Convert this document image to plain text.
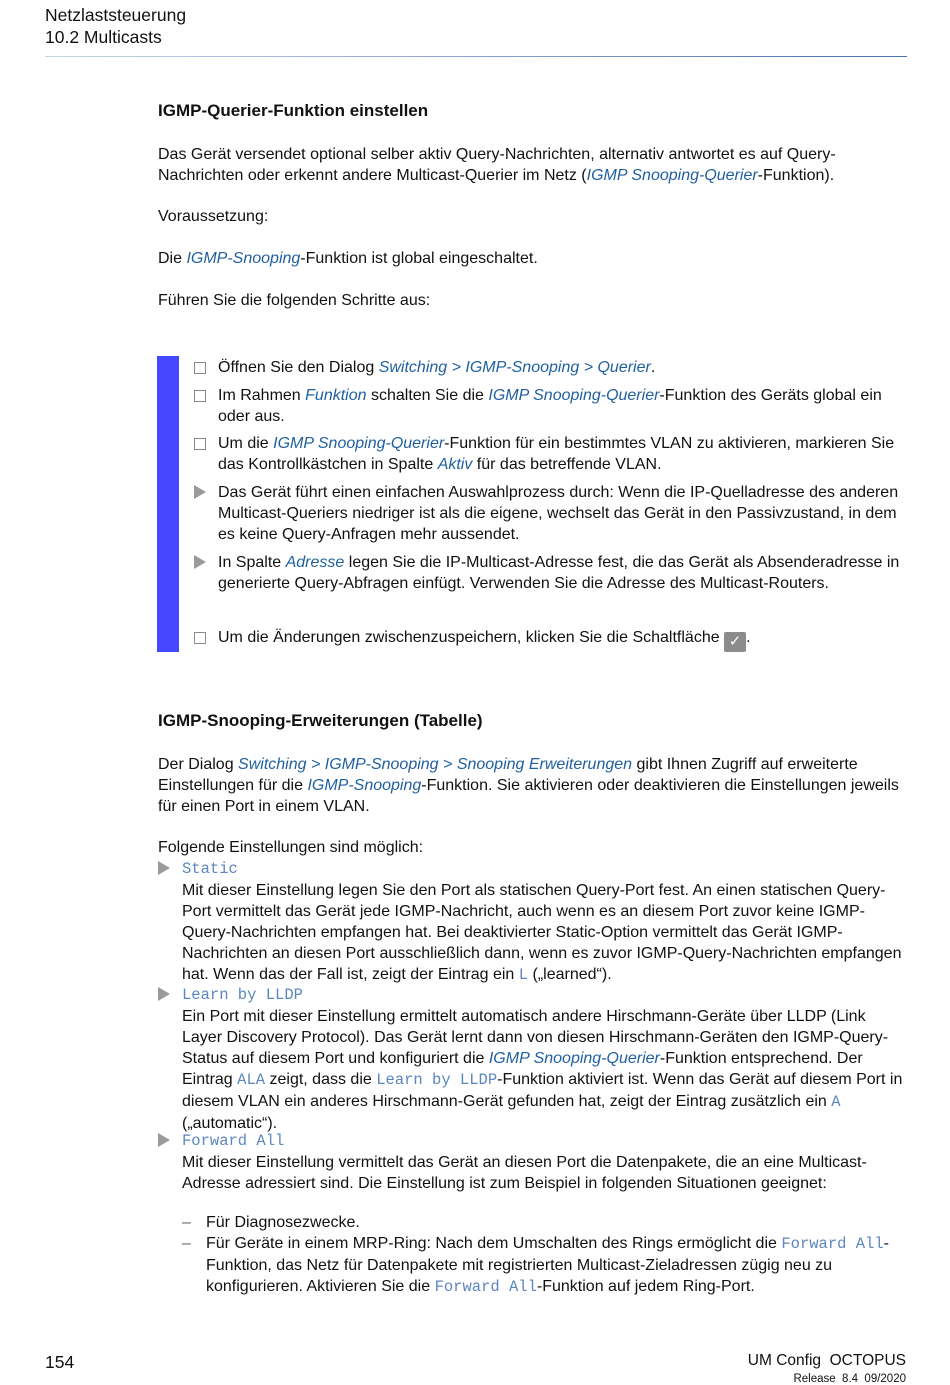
Netzlaststeuerung
10.2 Multicasts
IGMP-Querier-Funktion einstellen

Das Gerät versendet optional selber aktiv Query-Nachrichten, alternativ antwortet es auf Query-Nachrichten oder erkennt andere Multicast-Querier im Netz (IGMP Snooping-Querier-Funktion).

Voraussetzung:

Die IGMP-Snooping-Funktion ist global eingeschaltet.

Führen Sie die folgenden Schritte aus:

Öffnen Sie den Dialog Switching > IGMP-Snooping > Querier.
Im Rahmen Funktion schalten Sie die IGMP Snooping-Querier-Funktion des Geräts global ein oder aus.
Um die IGMP Snooping-Querier-Funktion für ein bestimmtes VLAN zu aktivieren, markieren Sie das Kontrollkästchen in Spalte Aktiv für das betreffende VLAN.
Das Gerät führt einen einfachen Auswahlprozess durch: Wenn die IP-Quelladresse des anderen Multicast-Queriers niedriger ist als die eigene, wechselt das Gerät in den Passivzustand, in dem es keine Query-Anfragen mehr aussendet.
In Spalte Adresse legen Sie die IP-Multicast-Adresse fest, die das Gerät als Absenderadresse in generierte Query-Abfragen einfügt. Verwenden Sie die Adresse des Multicast-Routers.
Um die Änderungen zwischenzuspeichern, klicken Sie die Schaltfläche ✓ .
IGMP-Snooping-Erweiterungen (Tabelle)

Der Dialog Switching > IGMP-Snooping > Snooping Erweiterungen gibt Ihnen Zugriff auf erweiterte Einstellungen für die IGMP-Snooping-Funktion. Sie aktivieren oder deaktivieren die Einstellungen jeweils für einen Port in einem VLAN.

Folgende Einstellungen sind möglich:

Static
Mit dieser Einstellung legen Sie den Port als statischen Query-Port fest. An einen statischen Query-Port vermittelt das Gerät jede IGMP-Nachricht, auch wenn es an diesem Port zuvor keine IGMP-Query-Nachrichten empfangen hat. Bei deaktivierter Static-Option vermittelt das Gerät IGMP-Nachrichten an diesen Port ausschließlich dann, wenn es zuvor IGMP-Query-Nachrichten empfangen hat. Wenn das der Fall ist, zeigt der Eintrag ein L („learned“).
Learn by LLDP
Ein Port mit dieser Einstellung ermittelt automatisch andere Hirschmann-Geräte über LLDP (Link Layer Discovery Protocol). Das Gerät lernt dann von diesen Hirschmann-Geräten den IGMP-Query-Status auf diesem Port und konfiguriert die IGMP Snooping-Querier-Funktion entsprechend. Der Eintrag ALA zeigt, dass die Learn by LLDP-Funktion aktiviert ist. Wenn das Gerät auf diesem Port in diesem VLAN ein anderes Hirschmann-Gerät gefunden hat, zeigt der Eintrag zusätzlich ein A („automatic“).
Forward All
Mit dieser Einstellung vermittelt das Gerät an diesen Port die Datenpakete, die an eine Multicast-Adresse adressiert sind. Die Einstellung ist zum Beispiel in folgenden Situationen geeignet:
– Für Diagnosezwecke.
– Für Geräte in einem MRP-Ring: Nach dem Umschalten des Rings ermöglicht die Forward All-Funktion, das Netz für Datenpakete mit registrierten Multicast-Zieladressen zügig neu zu konfigurieren. Aktivieren Sie die Forward All-Funktion auf jedem Ring-Port.
154	UM Config  OCTOPUS
Release  8.4  09/2020
